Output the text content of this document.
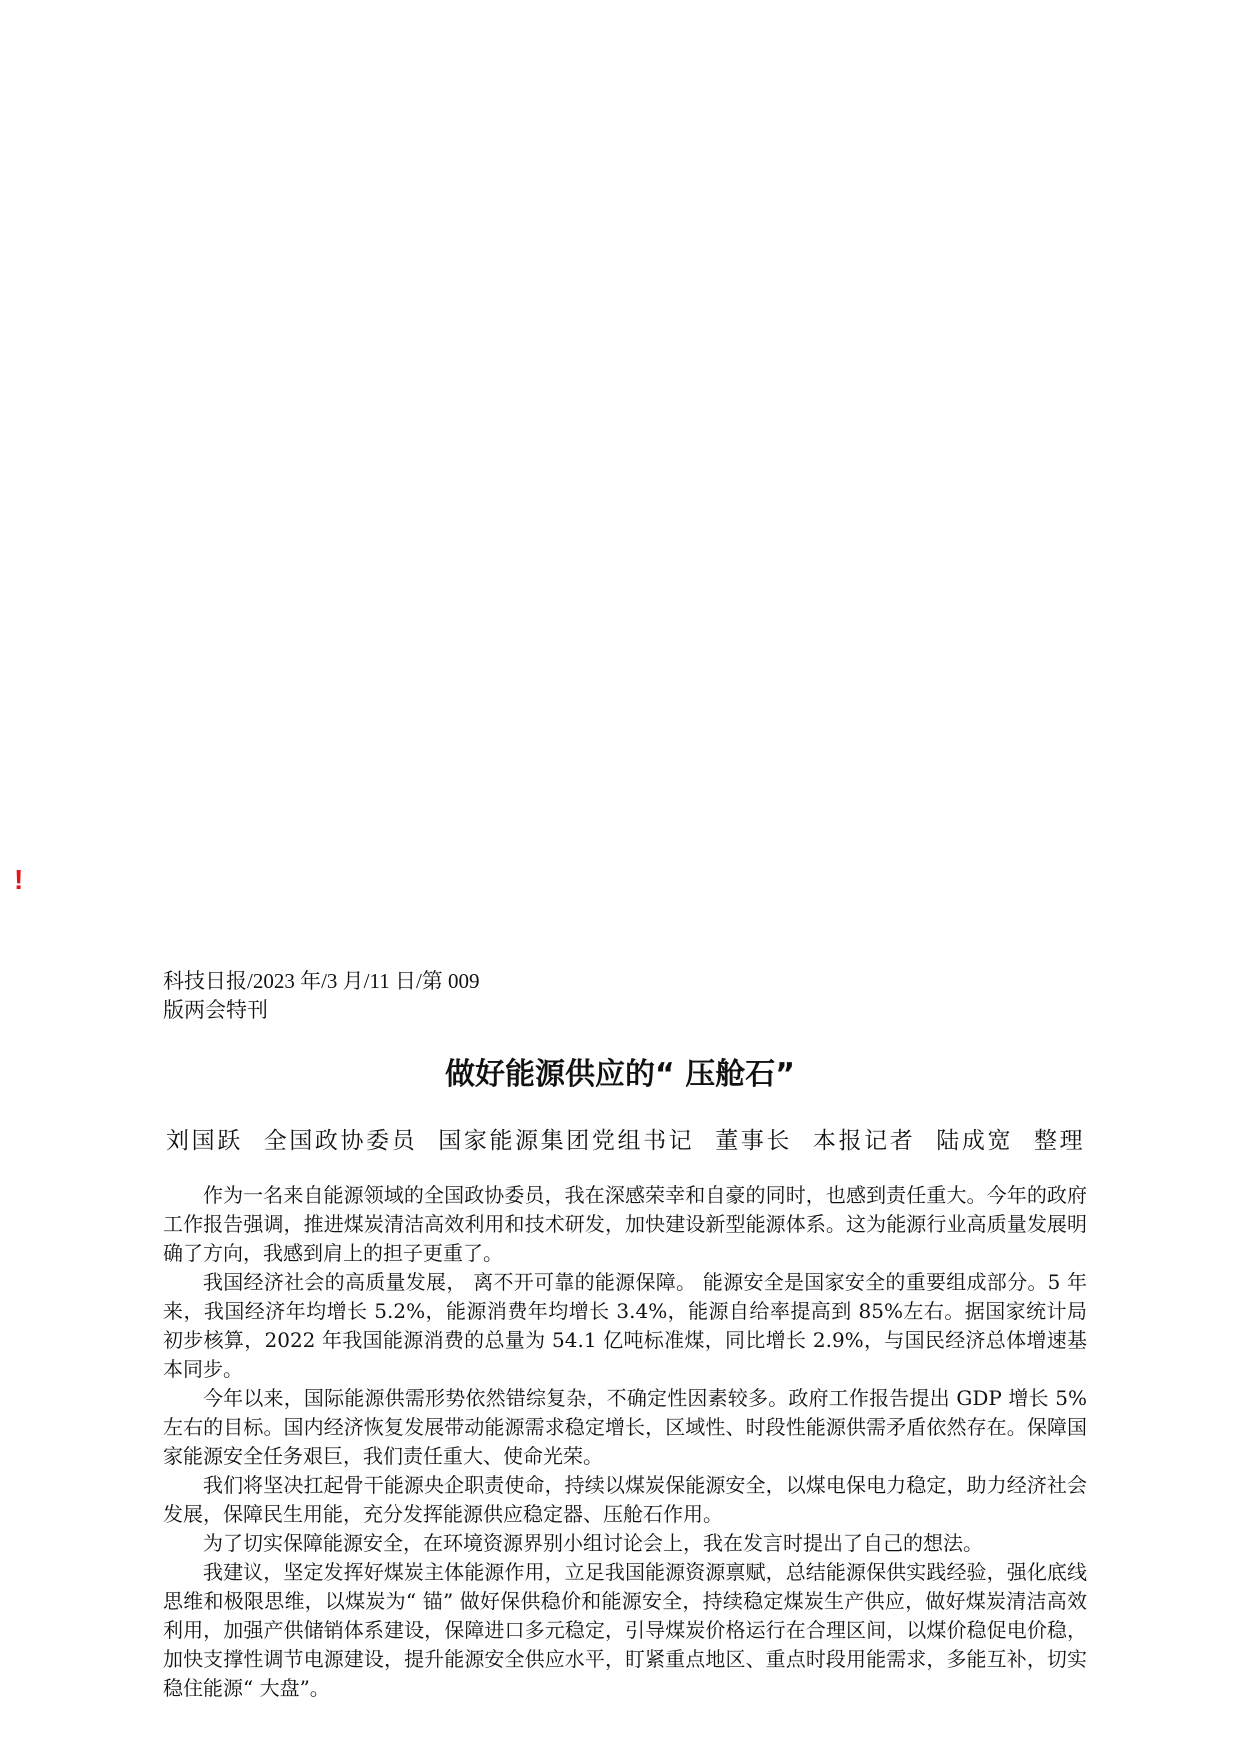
!
科技日报/2023 年/3 月/11 日/第 009
版两会特刊
做好能源供应的“ 压舱石”
刘国跃 全国政协委员 国家能源集团党组书记 董事长 本报记者 陆成宽 整理

作为一名来自能源领域的全国政协委员，我在深感荣幸和自豪的同时，也感到责任重大。今年的政府工作报告强调，推进煤炭清洁高效利用和技术研发，加快建设新型能源体系。这为能源行业高质量发展明确了方向，我感到肩上的担子更重了。

我国经济社会的高质量发展， 离不开可靠的能源保障。 能源安全是国家安全的重要组成部分。5 年来，我国经济年均增长 5.2%，能源消费年均增长 3.4%，能源自给率提高到 85%左右。据国家统计局初步核算，2022 年我国能源消费的总量为 54.1 亿吨标准煤，同比增长 2.9%，与国民经济总体增速基本同步。

今年以来，国际能源供需形势依然错综复杂，不确定性因素较多。政府工作报告提出 GDP 增长 5%左右的目标。国内经济恢复发展带动能源需求稳定增长，区域性、时段性能源供需矛盾依然存在。保障国家能源安全任务艰巨，我们责任重大、使命光荣。

我们将坚决扛起骨干能源央企职责使命，持续以煤炭保能源安全，以煤电保电力稳定，助力经济社会发展，保障民生用能，充分发挥能源供应稳定器、压舱石作用。

为了切实保障能源安全，在环境资源界别小组讨论会上，我在发言时提出了自己的想法。

我建议，坚定发挥好煤炭主体能源作用，立足我国能源资源禀赋，总结能源保供实践经验，强化底线思维和极限思维，以煤炭为“ 锚” 做好保供稳价和能源安全，持续稳定煤炭生产供应，做好煤炭清洁高效利用，加强产供储销体系建设，保障进口多元稳定，引导煤炭价格运行在合理区间，以煤价稳促电价稳，加快支撑性调节电源建设，提升能源安全供应水平，盯紧重点地区、重点时段用能需求，多能互补，切实稳住能源“ 大盘”。
